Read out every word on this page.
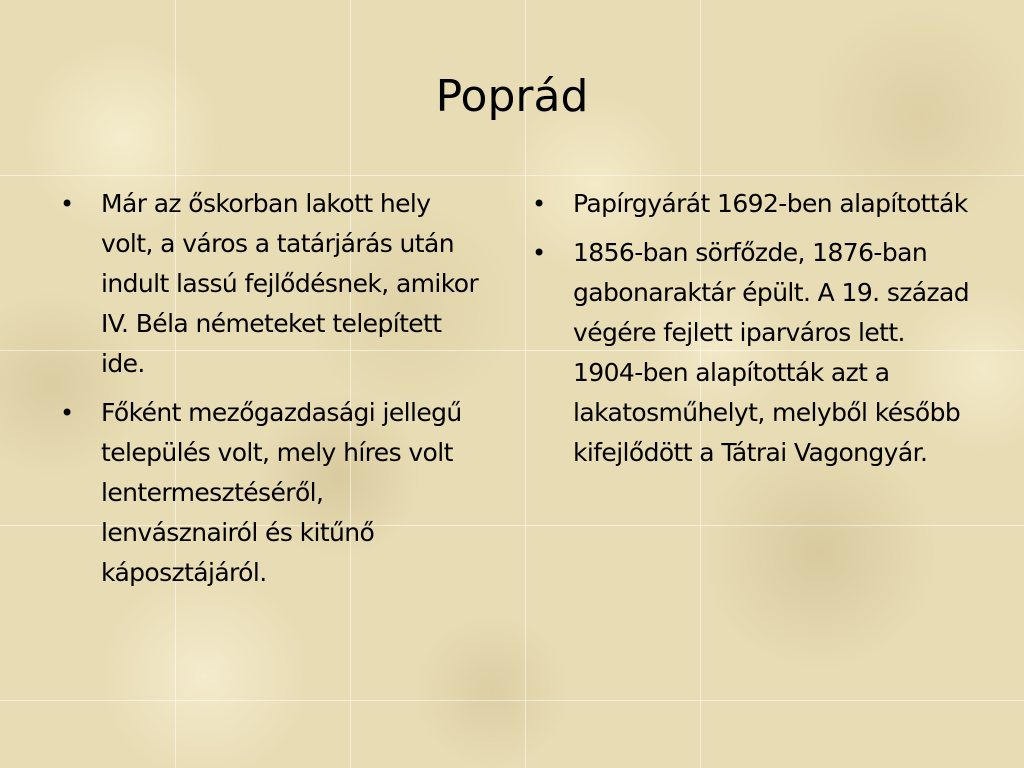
Poprád
• Már az őskorban lakott hely volt, a város a tatárjárás után indult lassú fejlődésnek, amikor IV. Béla németeket telepített ide.
• Főként mezőgazdasági jellegű település volt, mely híres volt lentermesztéséről, lenvásznairól és kitűnő káposztájáról.
• Papírgyárát 1692-ben alapították
• 1856-ban sörfőzde, 1876-ban gabonaraktár épült. A 19. század végére fejlett iparváros lett. 1904-ben alapították azt a lakatosműhelyt, melyből később kifejlődött a Tátrai Vagongyár.
